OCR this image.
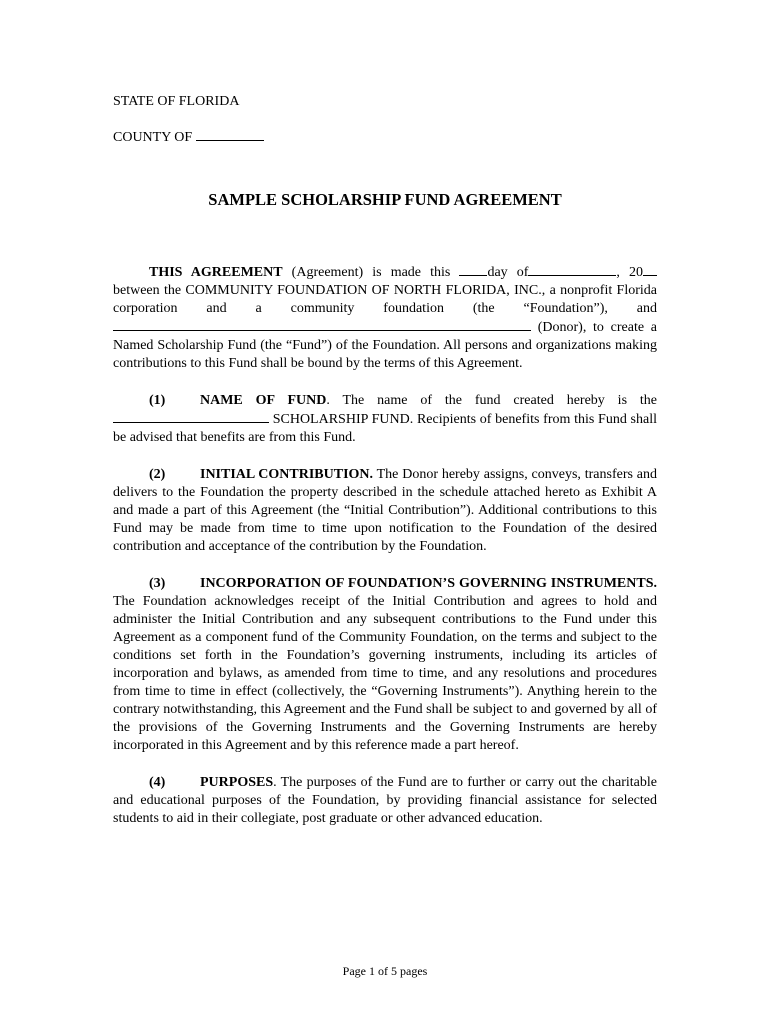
STATE OF FLORIDA
COUNTY OF
SAMPLE SCHOLARSHIP FUND AGREEMENT

THIS AGREEMENT (Agreement) is made this day of	, 20 between the COMMUNITY FOUNDATION OF NORTH FLORIDA, INC., a nonprofit Florida corporation and a community foundation (the “Foundation”), and  (Donor), to create a Named Scholarship Fund (the “Fund”) of the Foundation. All persons and organizations making contributions to this Fund shall be bound by the terms of this Agreement.

(1) NAME OF FUND. The name of the fund created hereby is the  SCHOLARSHIP FUND. Recipients of benefits from this Fund shall be advised that benefits are from this Fund.

(2) INITIAL CONTRIBUTION. The Donor hereby assigns, conveys, transfers and delivers to the Foundation the property described in the schedule attached hereto as Exhibit A and made a part of this Agreement (the “Initial Contribution”). Additional contributions to this Fund may be made from time to time upon notification to the Foundation of the desired contribution and acceptance of the contribution by the Foundation.

(3) INCORPORATION OF FOUNDATION’S GOVERNING INSTRUMENTS. The Foundation acknowledges receipt of the Initial Contribution and agrees to hold and administer the Initial Contribution and any subsequent contributions to the Fund under this Agreement as a component fund of the Community Foundation, on the terms and subject to the conditions set forth in the Foundation’s governing instruments, including its articles of incorporation and bylaws, as amended from time to time, and any resolutions and procedures from time to time in effect (collectively, the “Governing Instruments”). Anything herein to the contrary notwithstanding, this Agreement and the Fund shall be subject to and governed by all of the provisions of the Governing Instruments and the Governing Instruments are hereby incorporated in this Agreement and by this reference made a part hereof.

(4) PURPOSES. The purposes of the Fund are to further or carry out the charitable and educational purposes of the Foundation, by providing financial assistance for selected students to aid in their collegiate, post graduate or other advanced education.

Page 1 of 5 pages
